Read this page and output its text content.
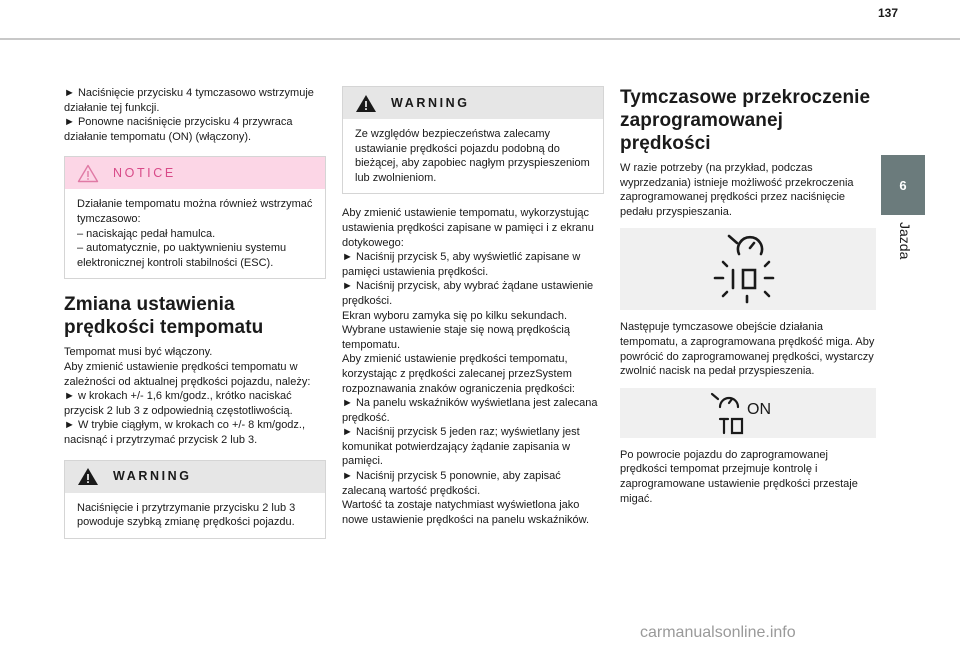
137
6
Jazda

► Naciśnięcie przycisku 4 tymczasowo wstrzymuje działanie tej funkcji.

► Ponowne naciśnięcie przycisku 4 przywraca działanie tempomatu (ON) (włączony).

NOTICE

Działanie tempomatu można również wstrzymać tymczasowo:

– naciskając pedał hamulca.

– automatycznie, po uaktywnieniu systemu elektronicznej kontroli stabilności (ESC).

Zmiana ustawienia prędkości tempomatu

Tempomat musi być włączony.

Aby zmienić ustawienie prędkości tempomatu w zależności od aktualnej prędkości pojazdu, należy:

► w krokach +/- 1,6 km/godz., krótko naciskać przycisk 2 lub 3 z odpowiednią częstotliwością.

► W trybie ciągłym, w krokach co +/- 8 km/godz., nacisnąć i przytrzymać przycisk 2 lub 3.

WARNING

Naciśnięcie i przytrzymanie przycisku 2 lub 3 powoduje szybką zmianę prędkości pojazdu.

WARNING

Ze względów bezpieczeństwa zalecamy ustawianie prędkości pojazdu podobną do bieżącej, aby zapobiec nagłym przyspieszeniom lub zwolnieniom.

Aby zmienić ustawienie tempomatu, wykorzystując ustawienia prędkości zapisane w pamięci i z ekranu dotykowego:

► Naciśnij przycisk 5, aby wyświetlić zapisane w pamięci ustawienia prędkości.

► Naciśnij przycisk, aby wybrać żądane ustawienie prędkości.

Ekran wyboru zamyka się po kilku sekundach.

Wybrane ustawienie staje się nową prędkością tempomatu.

Aby zmienić ustawienie prędkości tempomatu, korzystając z prędkości zalecanej przezSystem rozpoznawania znaków ograniczenia prędkości:

► Na panelu wskaźników wyświetlana jest zalecana prędkość.

► Naciśnij przycisk 5 jeden raz; wyświetlany jest komunikat potwierdzający żądanie zapisania w pamięci.

► Naciśnij przycisk 5 ponownie, aby zapisać zalecaną wartość prędkości.

Wartość ta zostaje natychmiast wyświetlona jako nowe ustawienie prędkości na panelu wskaźników.

Tymczasowe przekroczenie zaprogramowanej prędkości

W razie potrzeby (na przykład, podczas wyprzedzania) istnieje możliwość przekroczenia zaprogramowanej prędkości przez naciśnięcie pedału przyspieszania.

Następuje tymczasowe obejście działania tempomatu, a zaprogramowana prędkość miga. Aby powrócić do zaprogramowanej prędkości, wystarczy zwolnić nacisk na pedał przyspieszenia.

ON

Po powrocie pojazdu do zaprogramowanej prędkości tempomat przejmuje kontrolę i zaprogramowane ustawienie prędkości przestaje migać.

carmanualsonline.info
